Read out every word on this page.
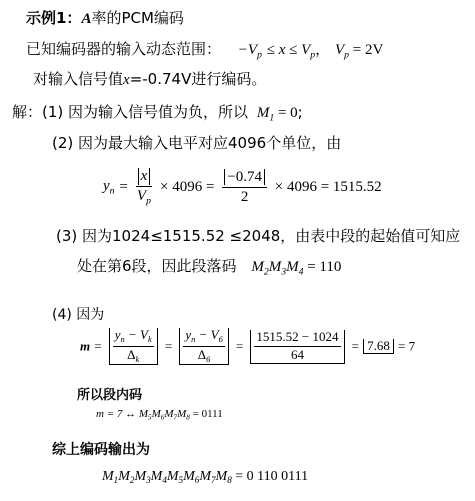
示例1：A率的PCM编码
已知编码器的输入动态范围： $-V_p \le x \le V_p$， $V_p = 2V$
对输入信号值x=-0.74V进行编码。
解：(1) 因为输入信号值为负，所以 $M_1 = 0$;
(2) 因为最大输入电平对应4096个单位，由
$y_n = \frac{x}{V_p} \times 4096 = \frac{-0.74}{2} \times 4096 = 1515.52$
(3) 因为1024≤1515.52 ≤2048，由表中段的起始值可知应
处在第6段，因此段落码 $M_2M_3M_4 = 110$
(4) 因为
$m = \frac{y_n - V_k}{\Delta_k} = \frac{y_n - V_6}{\Delta_6} = \frac{1515.52 - 1024}{64} = 7.68 = 7$
所以段内码
m = 7 ↔ $M_5M_6M_7M_8 = 0111$
综上编码输出为
$M_1M_2M_3M_4M_5M_6M_7M_8 = 0$ 110 0111
